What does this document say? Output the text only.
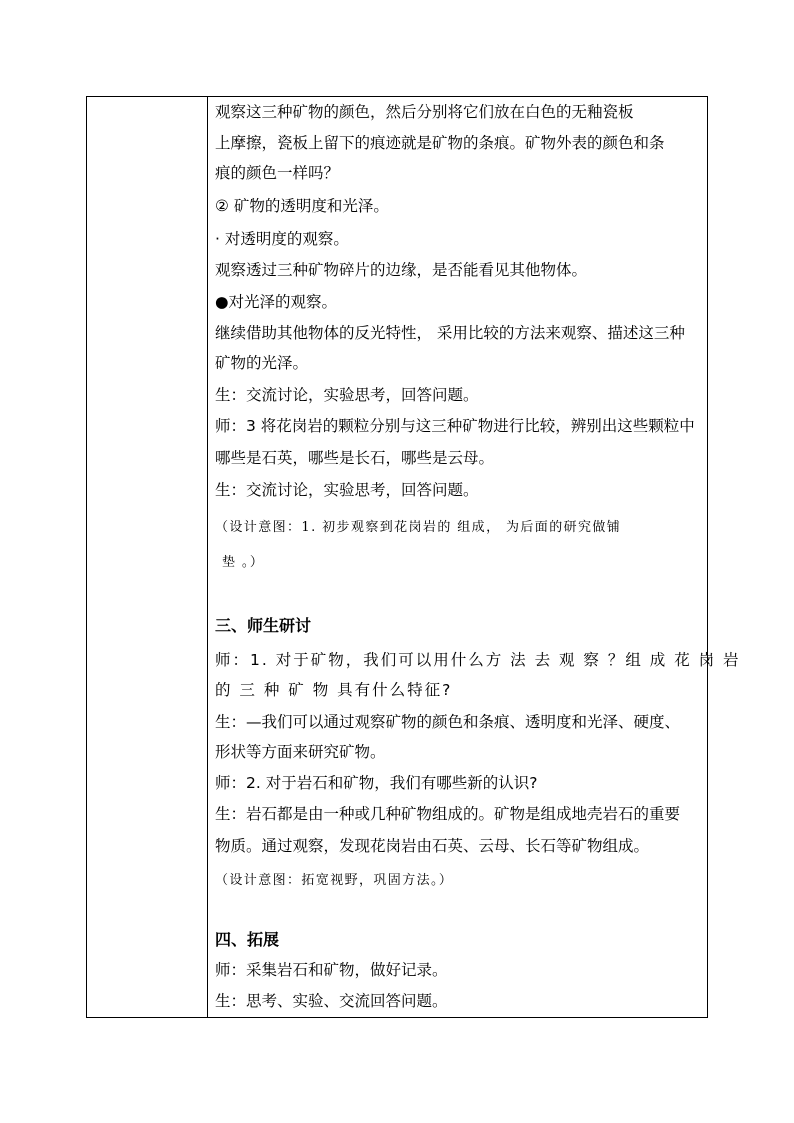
观察这三种矿物的颜色，然后分别将它们放在白色的无釉瓷板
上摩擦，瓷板上留下的痕迹就是矿物的条痕。矿物外表的颜色和条
痕的颜色一样吗？
② 矿物的透明度和光泽。
· 对透明度的观察。
观察透过三种矿物碎片的边缘，是否能看见其他物体。
●对光泽的观察。
继续借助其他物体的反光特性， 采用比较的方法来观察、描述这三种
矿物的光泽。
生：交流讨论，实验思考，回答问题。
师：3 将花岗岩的颗粒分别与这三种矿物进行比较，辨别出这些颗粒中
哪些是石英，哪些是长石，哪些是云母。
生：交流讨论，实验思考，回答问题。
（设计意图：1. 初步观察到花岗岩的 组成， 为后面的研究做铺
垫 。）
三、师生研讨
师：1. 对于矿物，我们可以用什么方 法 去 观 察 ？组 成 花 岗 岩
的 三 种 矿 物 具有什么特征?
生：—我们可以通过观察矿物的颜色和条痕、透明度和光泽、硬度、
形状等方面来研究矿物。
师：2. 对于岩石和矿物，我们有哪些新的认识?
生：岩石都是由一种或几种矿物组成的。矿物是组成地壳岩石的重要
物质。通过观察，发现花岗岩由石英、云母、长石等矿物组成。
（设计意图：拓宽视野，巩固方法。）
四、拓展
师：采集岩石和矿物，做好记录。
生：思考、实验、交流回答问题。
